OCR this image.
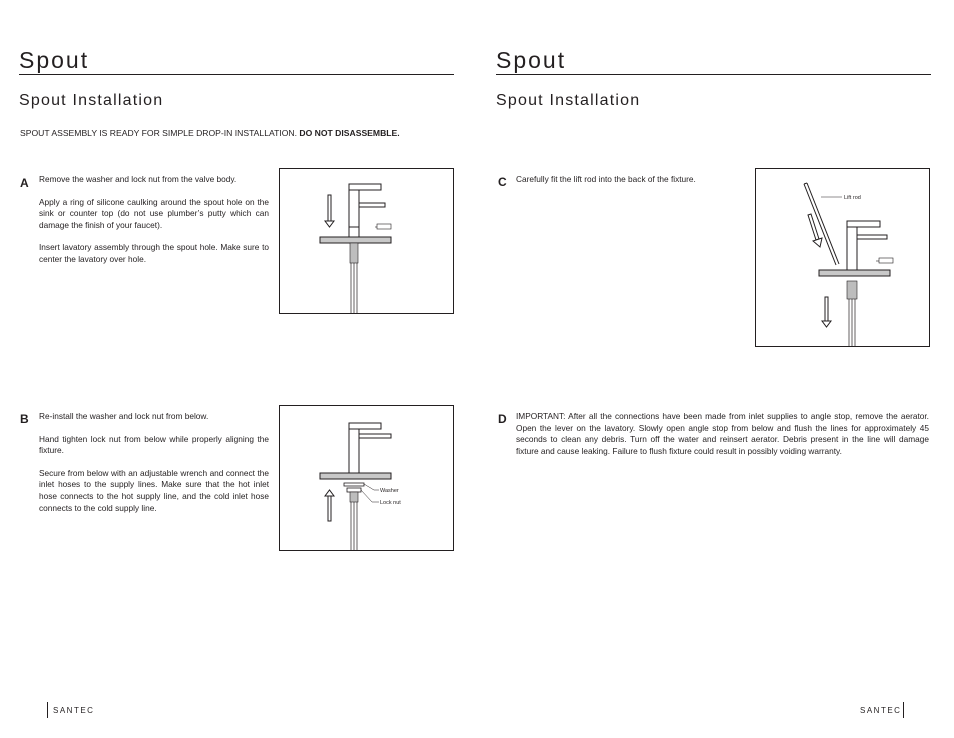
Spout
Spout Installation
SPOUT ASSEMBLY IS READY FOR SIMPLE DROP-IN INSTALLATION. DO NOT DISASSEMBLE.
A Remove the washer and lock nut from the valve body.

Apply a ring of silicone caulking around the spout hole on the sink or counter top (do not use plumber’s putty which can damage the finish of your faucet).

Insert lavatory assembly through the spout hole. Make sure to center the lavatory over hole.

B Re-install the washer and lock nut from below.

Hand tighten lock nut from below while properly aligning the fixture.

Secure from below with an adjustable wrench and connect the inlet hoses to the supply lines. Make sure that the hot inlet hose connects to the hot supply line, and the cold inlet hose connects to the cold supply line.

Washer
Lock nut
SANTEC
Spout
Spout Installation
C Carefully fit the lift rod into the back of the fixture.

Lift rod
D IMPORTANT: After all the connections have been made from inlet supplies to angle stop, remove the aerator. Open the lever on the lavatory. Slowly open angle stop from below and flush the lines for approximately 45 seconds to clean any debris. Turn off the water and reinsert aerator. Debris present in the line will damage fixture and cause leaking. Failure to flush fixture could result in possibly voiding warranty.

SANTEC
